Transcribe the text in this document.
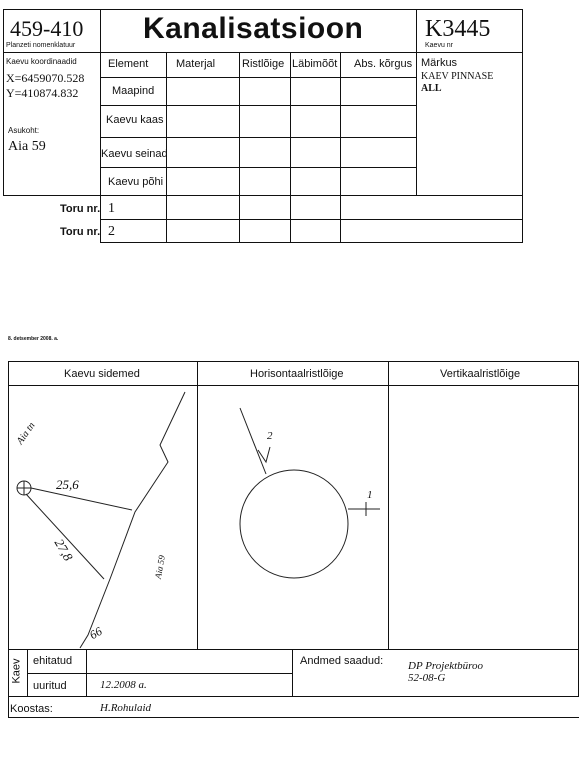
459-410
Planzeti nomenklatuur
Kanalisatsioon	K3445
Kaevu nr
Kaevu koordinaadid
X=6459070.528
Y=410874.832
Asukoht:
Aia 59
Element	Materjal Ristlõige Läbimõõt Abs. kõrgus
Maapind
Kaevu kaas
Kaevu seinad
Kaevu põhi
Märkus
KAEV PINNASE
ALL
Toru nr. 1
Toru nr. 2
8. detsember 2008. a.
Kaevu sidemed	Horisontaalristlõige	Vertikaalristlõige
Kaev ehitatud
uuritud	12.2008 a.
Andmed saadud: DP Projektbüroo
52-08-G
Koostas:	H.Rohulaid
Aia tn
25,6
27,8
Aia 59
66
2
1
